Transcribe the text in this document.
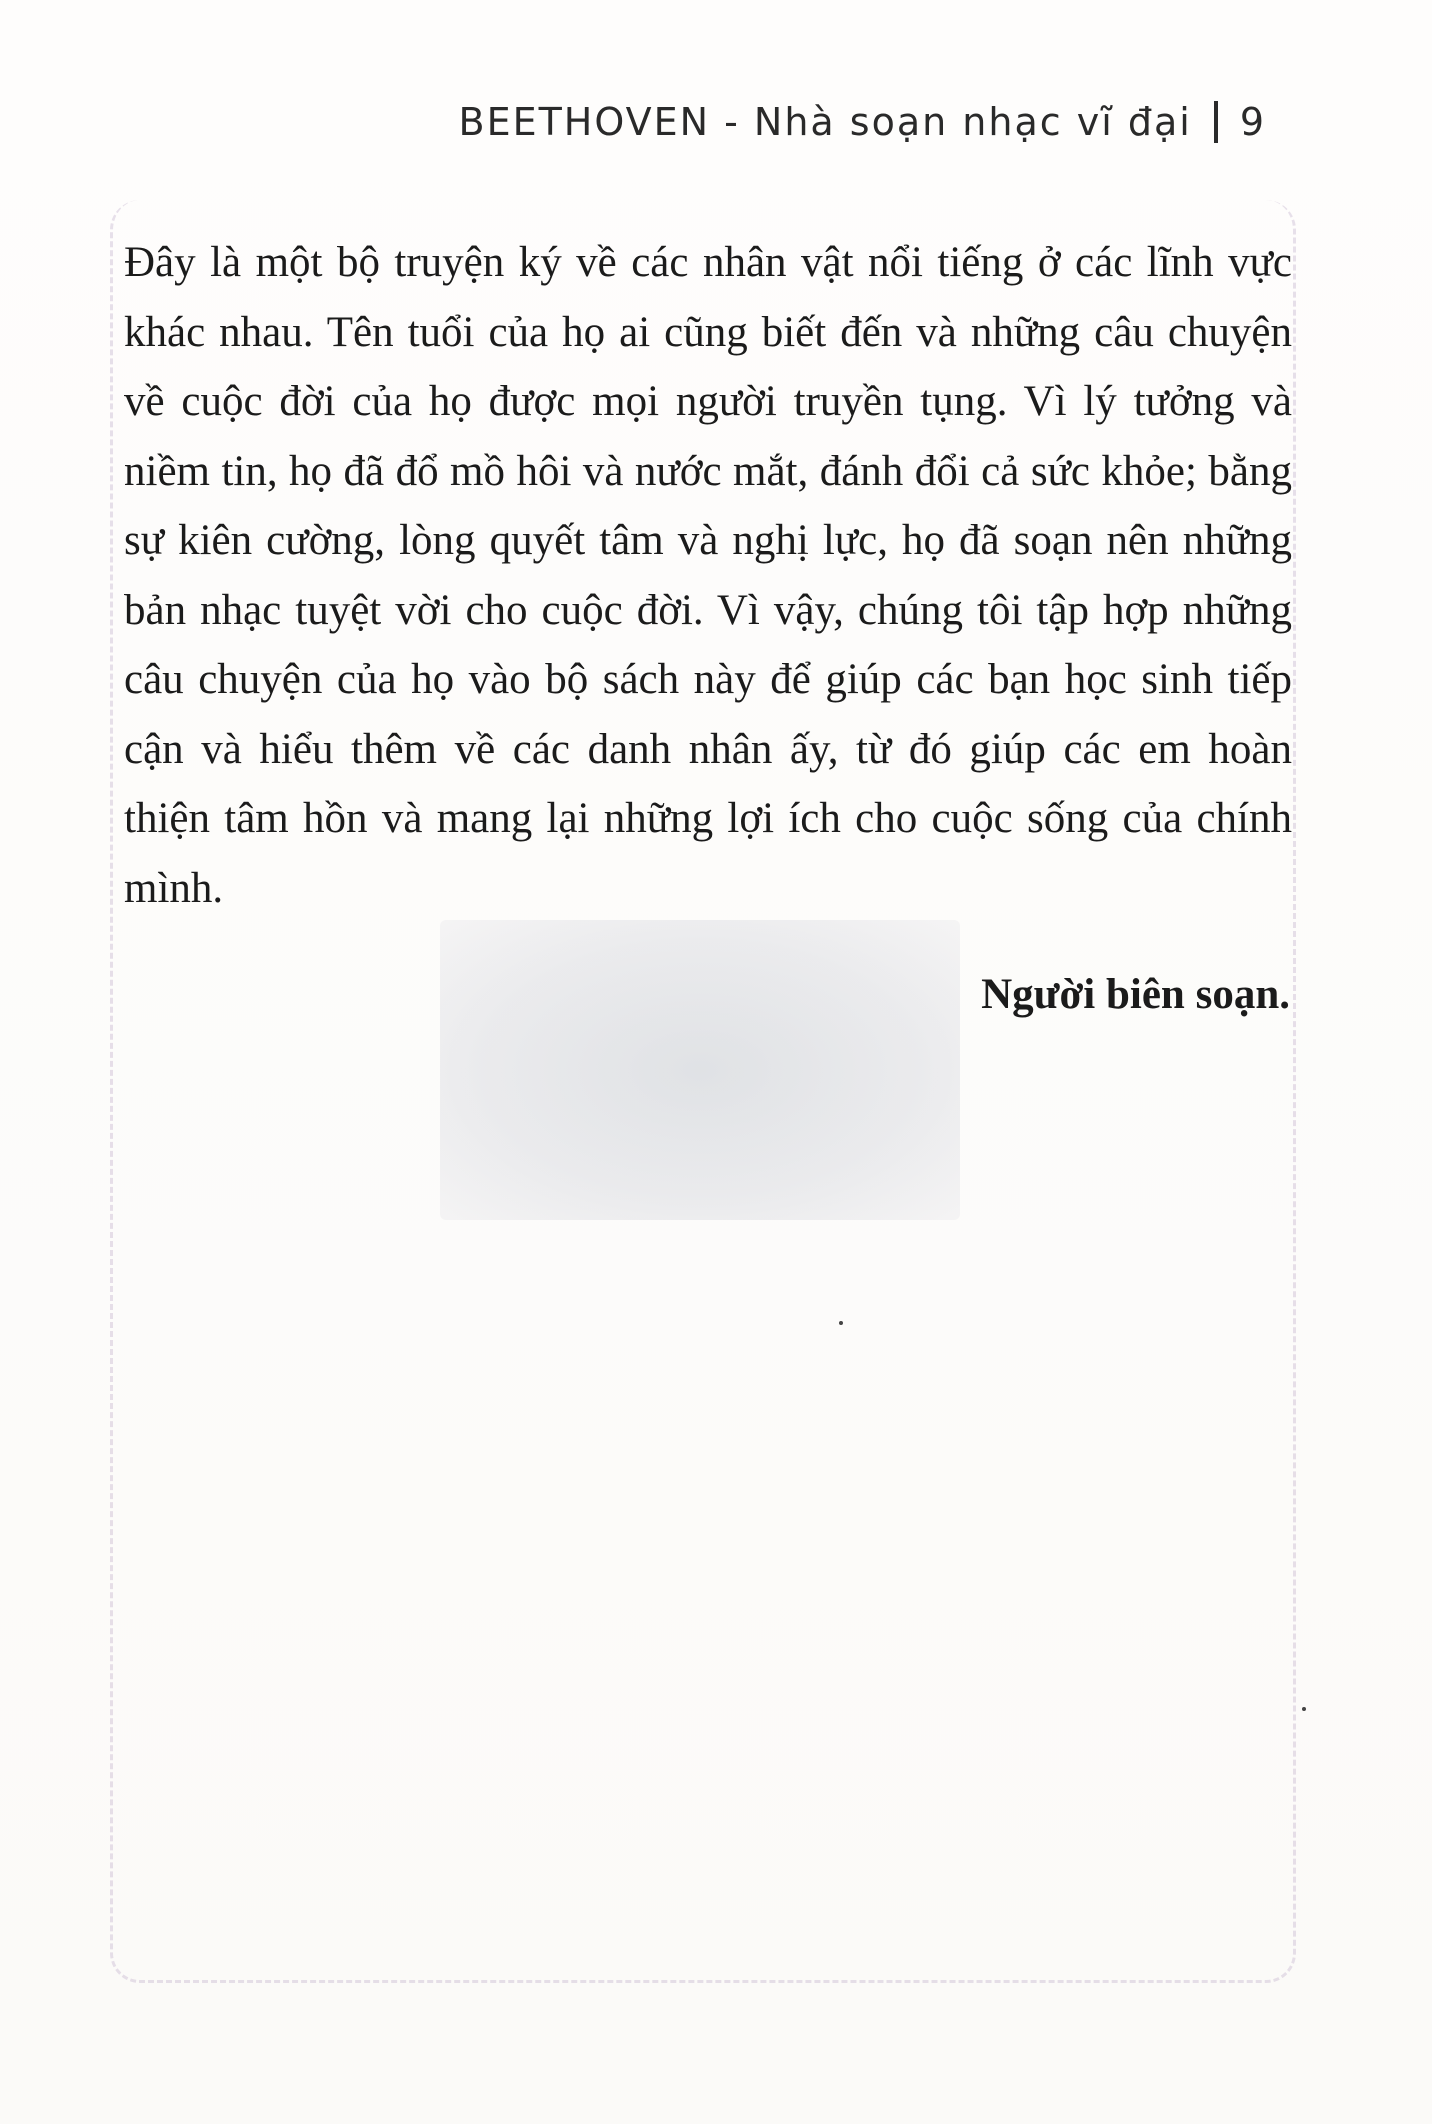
BEETHOVEN - Nhà soạn nhạc vĩ đại 9

Đây là một bộ truyện ký về các nhân vật nổi tiếng ở các lĩnh vực khác nhau. Tên tuổi của họ ai cũng biết đến và những câu chuyện về cuộc đời của họ được mọi người truyền tụng. Vì lý tưởng và niềm tin, họ đã đổ mồ hôi và nước mắt, đánh đổi cả sức khỏe; bằng sự kiên cường, lòng quyết tâm và nghị lực, họ đã soạn nên những bản nhạc tuyệt vời cho cuộc đời. Vì vậy, chúng tôi tập hợp những câu chuyện của họ vào bộ sách này để giúp các bạn học sinh tiếp cận và hiểu thêm về các danh nhân ấy, từ đó giúp các em hoàn thiện tâm hồn và mang lại những lợi ích cho cuộc sống của chính mình.

Người biên soạn.
